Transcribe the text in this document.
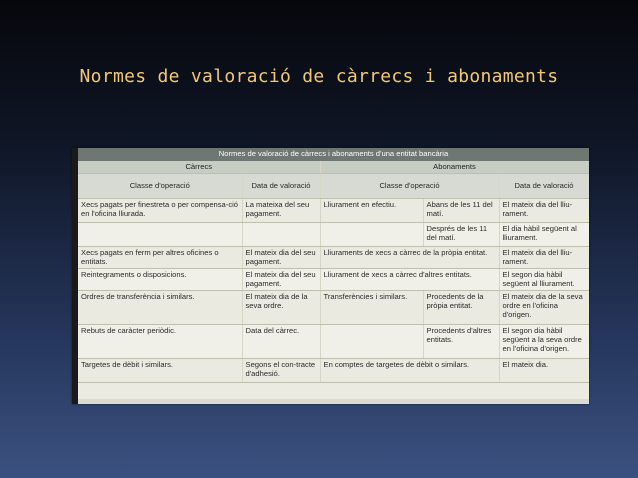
Normes de valoració de càrrecs i abonaments
Normes de valoració de càrrecs i abonaments d'una entitat bancària				
Càrrecs		Abonaments		
Classe d'operació	Data de valoració	Classe d'operació		Data de valoració
Xecs pagats per finestreta o per compensa-ció en l'oficina lliurada.	La mateixa del seu pagament.	Lliurament en efectiu.	Abans de les 11 del matí.	El mateix dia del lliu-rament.
			Després de les 11 del matí.	El dia hàbil següent al lliurament.
Xecs pagats en ferm per altres oficines o entitats.	El mateix dia del seu pagament.	Lliuraments de xecs a càrrec de la pròpia entitat.		El mateix dia del lliu-rament.
Reintegraments o disposicions.	El mateix dia del seu pagament.	Lliurament de xecs a càrrec d'altres entitats.		El segon dia hàbil següent al lliurament.
Ordres de transferència i similars.	El mateix dia de la seva ordre.	Transferències i similars.	Procedents de la pròpia entitat.	El mateix dia de la seva ordre en l'oficina d'origen.
Rebuts de caràcter periòdic.	Data del càrrec.		Procedents d'altres entitats.	El segon dia hàbil següent a la seva ordre en l'oficina d'origen.
Targetes de dèbit i similars.	Segons el con-tracte d'adhesió.	En comptes de targetes de dèbit o similars.		El mateix dia.
